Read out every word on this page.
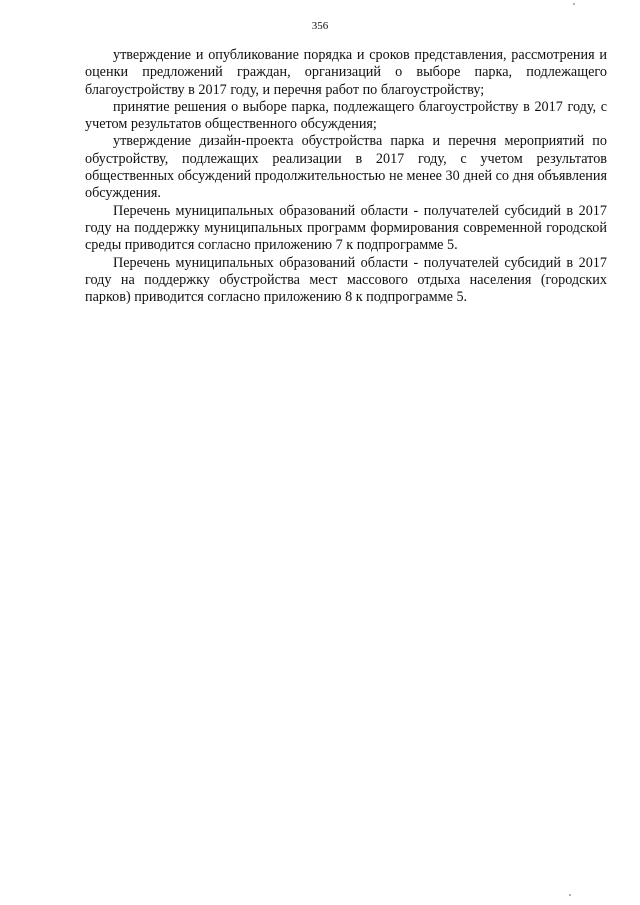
356

утверждение и опубликование порядка и сроков представления, рассмотрения и оценки предложений граждан, организаций о выборе парка, подлежащего благоустройству в 2017 году, и перечня работ по благоустройству;

принятие решения о выборе парка, подлежащего благоустройству в 2017 году, с учетом результатов общественного обсуждения;

утверждение дизайн-проекта обустройства парка и перечня мероприятий по обустройству, подлежащих реализации в 2017 году, с учетом результатов общественных обсуждений продолжительностью не менее 30 дней со дня объявления обсуждения.

Перечень муниципальных образований области - получателей субсидий в 2017 году на поддержку муниципальных программ формирования современной городской среды приводится согласно приложению 7 к подпрограмме 5.

Перечень муниципальных образований области - получателей субсидий в 2017 году на поддержку обустройства мест массового отдыха населения (городских парков) приводится согласно приложению 8 к подпрограмме 5.
